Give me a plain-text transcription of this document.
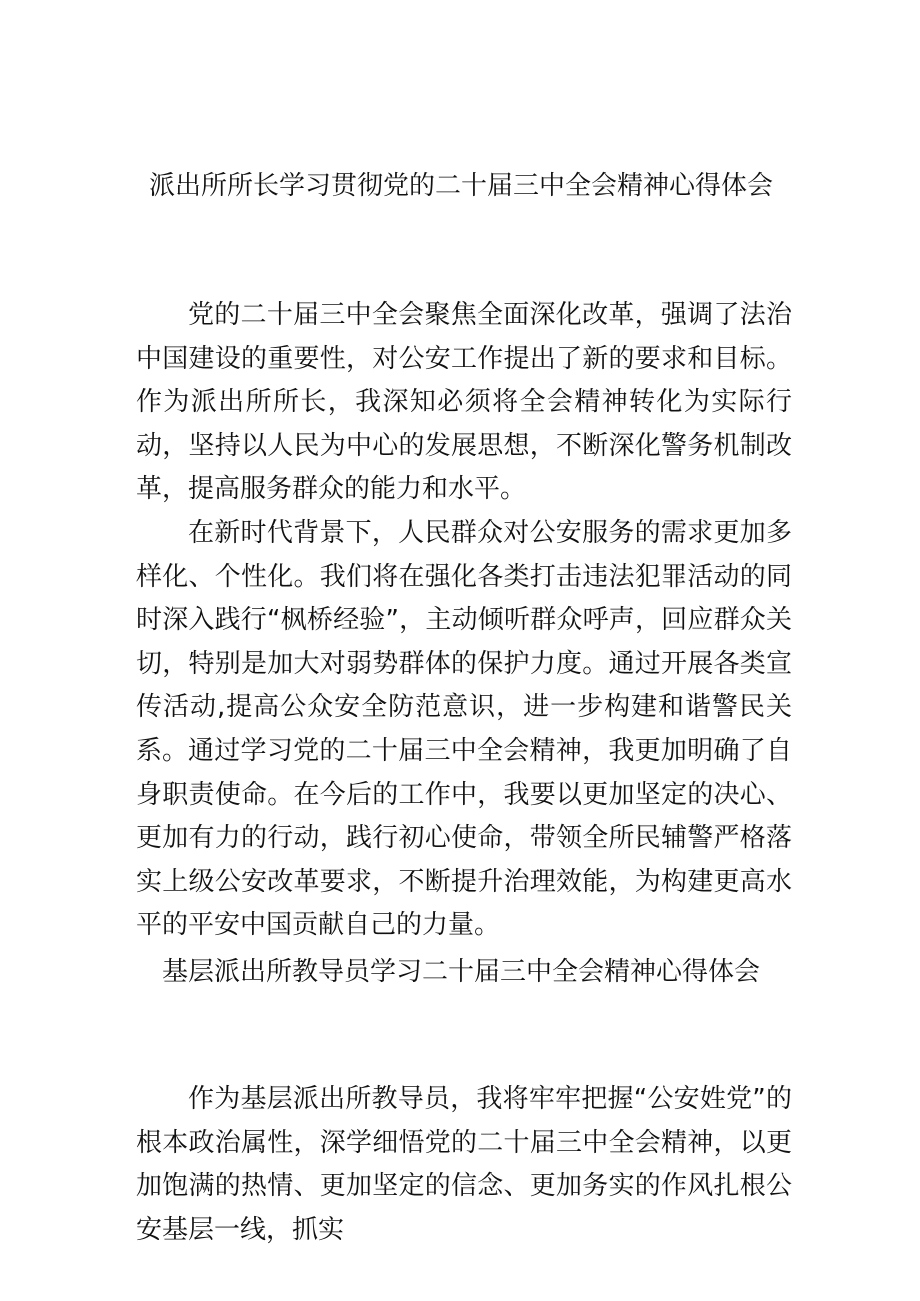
派出所所长学习贯彻党的二十届三中全会精神心得体会

党的二十届三中全会聚焦全面深化改革，强调了法治中国建设的重要性，对公安工作提出了新的要求和目标。作为派出所所长，我深知必须将全会精神转化为实际行动，坚持以人民为中心的发展思想，不断深化警务机制改革，提高服务群众的能力和水平。

在新时代背景下，人民群众对公安服务的需求更加多样化、个性化。我们将在强化各类打击违法犯罪活动的同时深入践行“枫桥经验”，主动倾听群众呼声，回应群众关切，特别是加大对弱势群体的保护力度。通过开展各类宣传活动,提高公众安全防范意识，进一步构建和谐警民关系。 通过学习党的二十届三中全会精神，我更加明确了自身职责使命。在今后的工作中，我要以更加坚定的决心、更加有力的行动，践行初心使命，带领全所民辅警严格落实上级公安改革要求，不断提升治理效能，为构建更高水平的平安中国贡献自己的力量。

基层派出所教导员学习二十届三中全会精神心得体会

作为基层派出所教导员，我将牢牢把握“公安姓党”的根本政治属性，深学细悟党的二十届三中全会精神，以更加饱满的热情、更加坚定的信念、更加务实的作风扎根公安基层一线，抓实
